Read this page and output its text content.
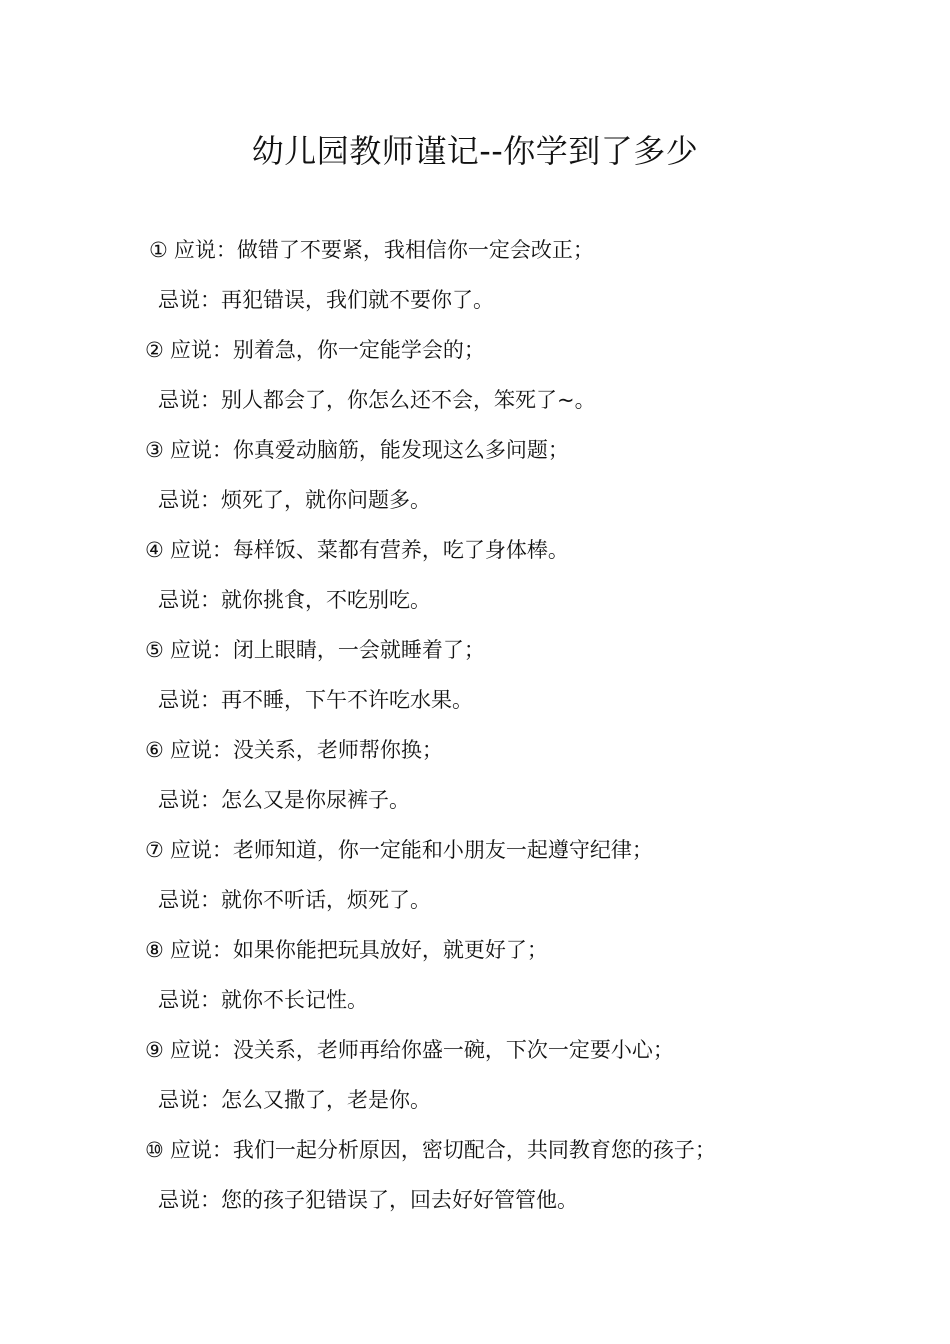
幼儿园教师谨记--你学到了多少
① 应说：做错了不要紧，我相信你一定会改正；
忌说：再犯错误，我们就不要你了。
② 应说：别着急，你一定能学会的；
忌说：别人都会了，你怎么还不会，笨死了~。
③ 应说：你真爱动脑筋，能发现这么多问题；
忌说：烦死了，就你问题多。
④ 应说：每样饭、菜都有营养，吃了身体棒。
忌说：就你挑食，不吃别吃。
⑤ 应说：闭上眼睛，一会就睡着了；
忌说：再不睡，下午不许吃水果。
⑥ 应说：没关系，老师帮你换；
忌说：怎么又是你尿裤子。
⑦ 应说：老师知道，你一定能和小朋友一起遵守纪律；
忌说：就你不听话，烦死了。
⑧ 应说：如果你能把玩具放好，就更好了；
忌说：就你不长记性。
⑨ 应说：没关系，老师再给你盛一碗，下次一定要小心；
忌说：怎么又撒了，老是你。
⑩ 应说：我们一起分析原因，密切配合，共同教育您的孩子；
忌说：您的孩子犯错误了，回去好好管管他。
